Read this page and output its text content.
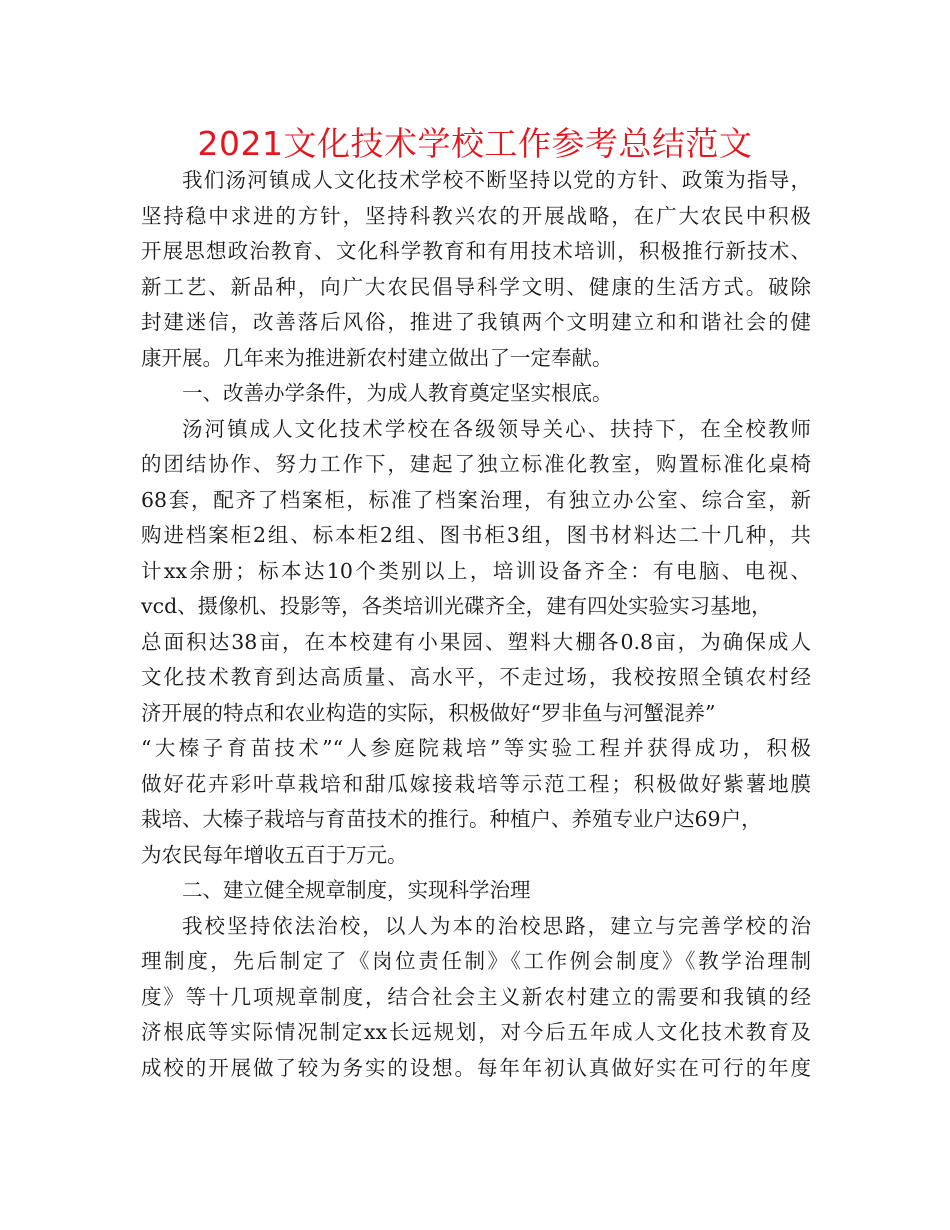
2021文化技术学校工作参考总结范文
我们汤河镇成人文化技术学校不断坚持以党的方针、政策为指导，
坚持稳中求进的方针，坚持科教兴农的开展战略，在广大农民中积极
开展思想政治教育、文化科学教育和有用技术培训，积极推行新技术、
新工艺、新品种，向广大农民倡导科学文明、健康的生活方式。破除
封建迷信，改善落后风俗，推进了我镇两个文明建立和和谐社会的健
康开展。几年来为推进新农村建立做出了一定奉献。
一、改善办学条件，为成人教育奠定坚实根底。
汤河镇成人文化技术学校在各级领导关心、扶持下，在全校教师
的团结协作、努力工作下，建起了独立标准化教室，购置标准化桌椅
68套，配齐了档案柜，标准了档案治理，有独立办公室、综合室，新
购进档案柜2组、标本柜2组、图书柜3组，图书材料达二十几种，共
计xx余册；标本达10个类别以上，培训设备齐全：有电脑、电视、
vcd、摄像机、投影等，各类培训光碟齐全，建有四处实验实习基地，
总面积达38亩，在本校建有小果园、塑料大棚各0.8亩，为确保成人
文化技术教育到达高质量、高水平，不走过场，我校按照全镇农村经
济开展的特点和农业构造的实际，积极做好“罗非鱼与河蟹混养”
“大榛子育苗技术”“人参庭院栽培”等实验工程并获得成功，积极
做好花卉彩叶草栽培和甜瓜嫁接栽培等示范工程；积极做好紫薯地膜
栽培、大榛子栽培与育苗技术的推行。种植户、养殖专业户达69户，
为农民每年增收五百于万元。
二、建立健全规章制度，实现科学治理
我校坚持依法治校，以人为本的治校思路，建立与完善学校的治
理制度，先后制定了《岗位责任制》《工作例会制度》《教学治理制
度》等十几项规章制度，结合社会主义新农村建立的需要和我镇的经
济根底等实际情况制定xx长远规划，对今后五年成人文化技术教育及
成校的开展做了较为务实的设想。每年年初认真做好实在可行的年度
